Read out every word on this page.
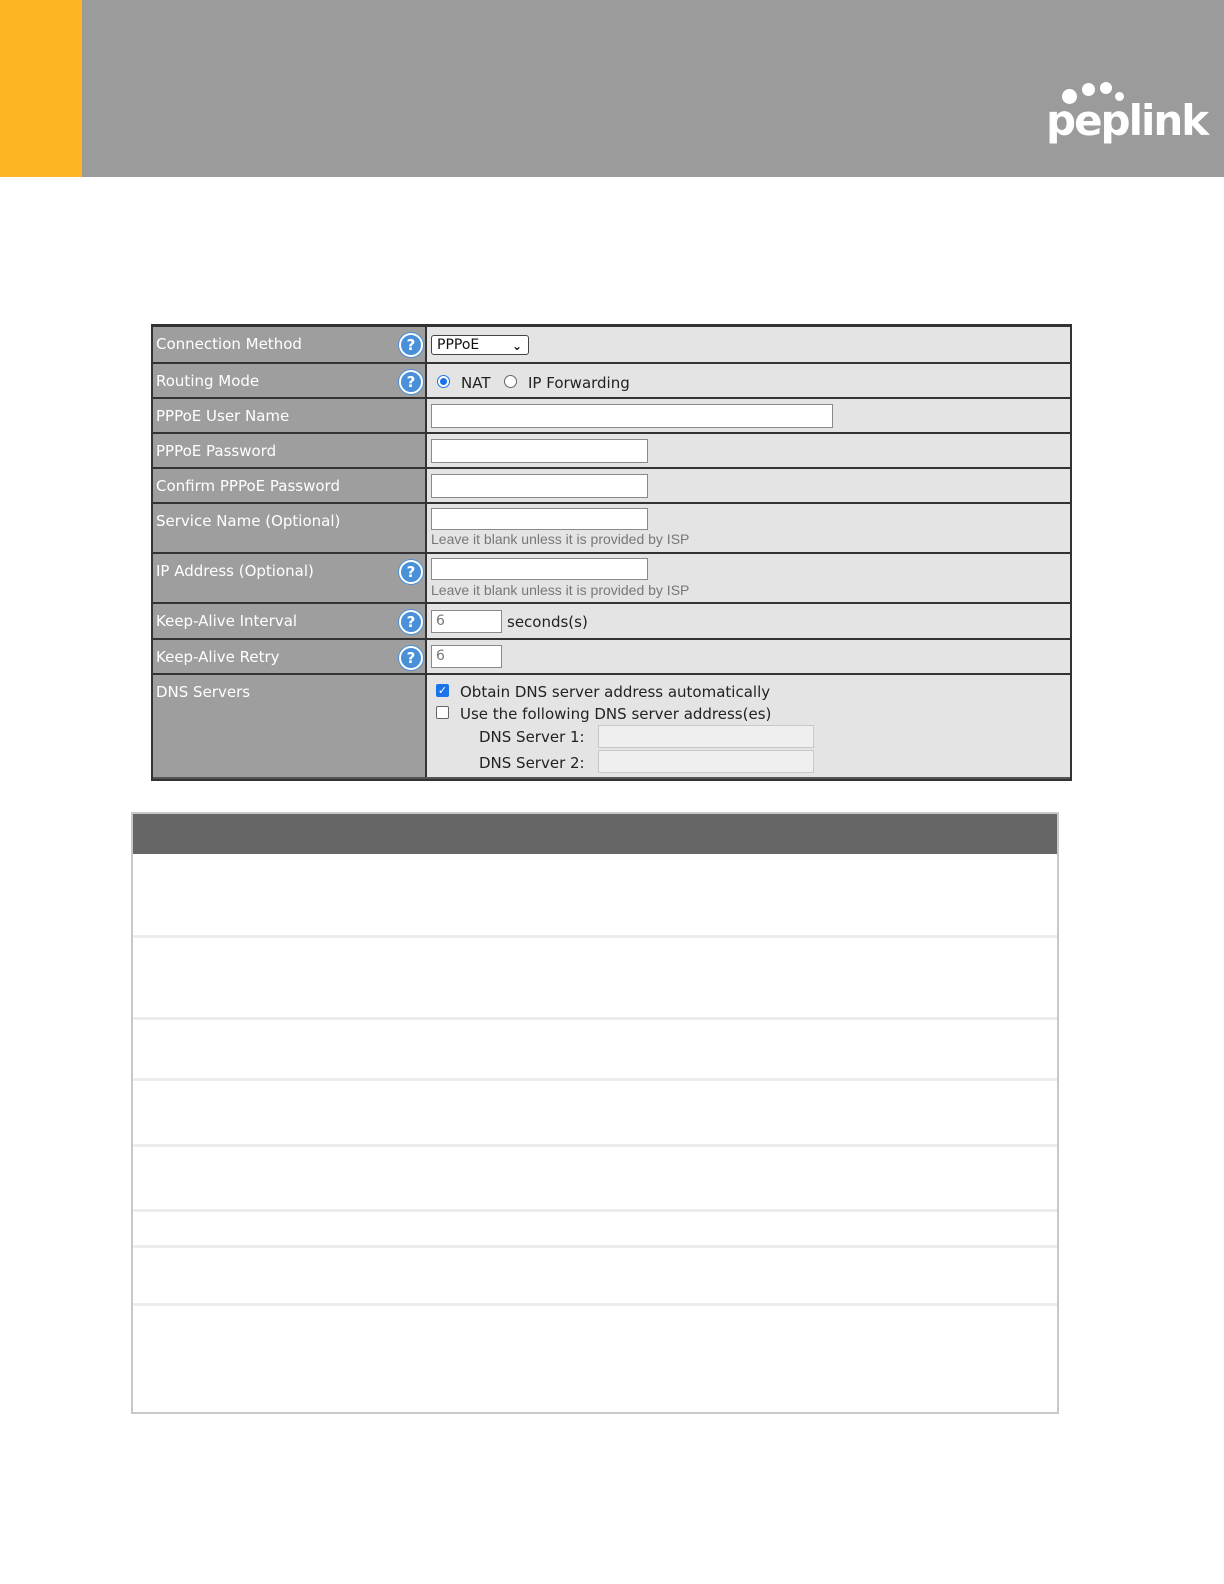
peplink
Connection Method	?	PPPoE	⌄
Routing Mode	?	NAT	IP Forwarding
PPPoE User Name
PPPoE Password
Confirm PPPoE Password
Service Name (Optional)
Leave it blank unless it is provided by ISP
IP Address (Optional)	?
Leave it blank unless it is provided by ISP
Keep-Alive Interval	?	6	seconds(s)
Keep-Alive Retry	?	6
DNS Servers	✓ Obtain DNS server address automatically
Use the following DNS server address(es)
DNS Server 1:
DNS Server 2:
